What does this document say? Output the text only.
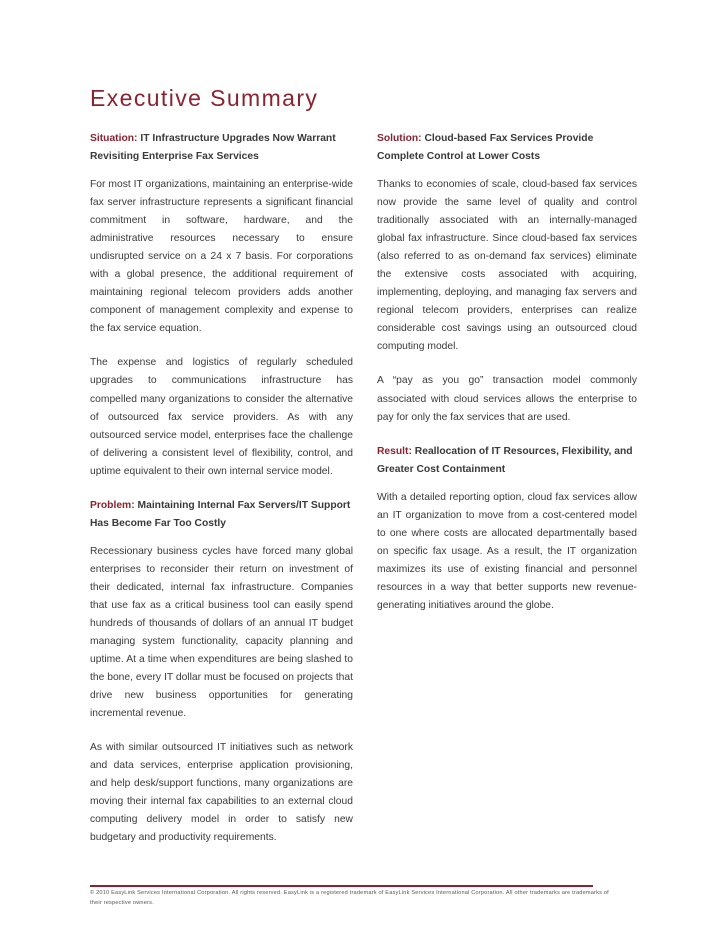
Executive Summary
Situation: IT Infrastructure Upgrades Now Warrant Revisiting Enterprise Fax Services

For most IT organizations, maintaining an enterprise-wide fax server infrastructure represents a significant financial commitment in software, hardware, and the administrative resources necessary to ensure undisrupted service on a 24 x 7 basis. For corporations with a global presence, the additional requirement of maintaining regional telecom providers adds another component of management complexity and expense to the fax service equation.

The expense and logistics of regularly scheduled upgrades to communications infrastructure has compelled many organizations to consider the alternative of outsourced fax service providers. As with any outsourced service model, enterprises face the challenge of delivering a consistent level of flexibility, control, and uptime equivalent to their own internal service model.

Problem: Maintaining Internal Fax Servers/IT Support Has Become Far Too Costly

Recessionary business cycles have forced many global enterprises to reconsider their return on investment of their dedicated, internal fax infrastructure. Companies that use fax as a critical business tool can easily spend hundreds of thousands of dollars of an annual IT budget managing system functionality, capacity planning and uptime. At a time when expenditures are being slashed to the bone, every IT dollar must be focused on projects that drive new business opportunities for generating incremental revenue.

As with similar outsourced IT initiatives such as network and data services, enterprise application provisioning, and help desk/support functions, many organizations are moving their internal fax capabilities to an external cloud computing delivery model in order to satisfy new budgetary and productivity requirements.

Solution: Cloud-based Fax Services Provide Complete Control at Lower Costs

Thanks to economies of scale, cloud-based fax services now provide the same level of quality and control traditionally associated with an internally-managed global fax infrastructure. Since cloud-based fax services (also referred to as on-demand fax services) eliminate the extensive costs associated with acquiring, implementing, deploying, and managing fax servers and regional telecom providers, enterprises can realize considerable cost savings using an outsourced cloud computing model.

A “pay as you go” transaction model commonly associated with cloud services allows the enterprise to pay for only the fax services that are used.

Result: Reallocation of IT Resources, Flexibility, and Greater Cost Containment

With a detailed reporting option, cloud fax services allow an IT organization to move from a cost-centered model to one where costs are allocated departmentally based on specific fax usage. As a result, the IT organization maximizes its use of existing financial and personnel resources in a way that better supports new revenue-generating initiatives around the globe.

© 2010 EasyLink Services International Corporation. All rights reserved. EasyLink is a registered trademark of EasyLink Services International Corporation. All other trademarks are trademarks of their respective owners.
